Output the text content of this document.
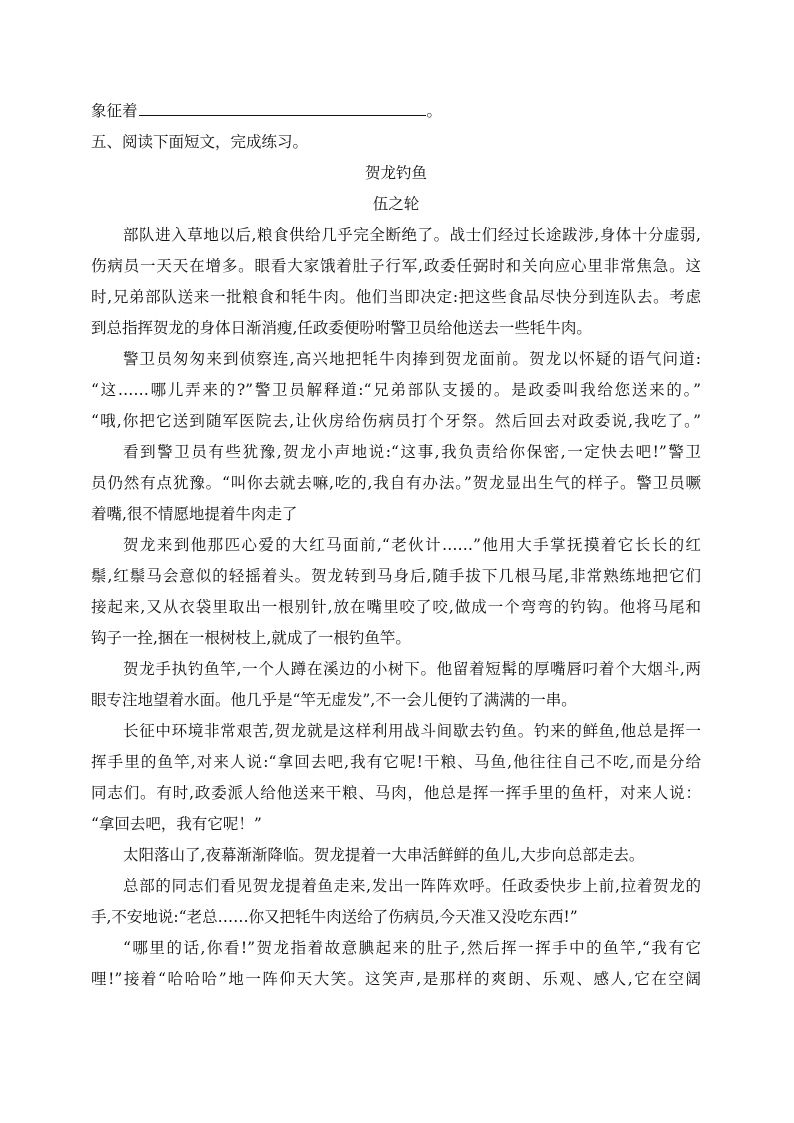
象征着	。
五、阅读下面短文，完成练习。
贺龙钓鱼
伍之轮
部队进入草地以后,粮食供给几乎完全断绝了。战士们经过长途跋涉,身体十分虚弱,
伤病员一天天在增多。眼看大家饿着肚子行军,政委任弼时和关向应心里非常焦急。这
时,兄弟部队送来一批粮食和牦牛肉。他们当即决定:把这些食品尽快分到连队去。考虑
到总指挥贺龙的身体日渐消瘦,任政委便吩咐警卫员给他送去一些牦牛肉。
警卫员匆匆来到侦察连,高兴地把牦牛肉捧到贺龙面前。贺龙以怀疑的语气问道:
“这……哪儿弄来的?”警卫员解释道:“兄弟部队支援的。是政委叫我给您送来的。”
“哦,你把它送到随军医院去,让伙房给伤病员打个牙祭。然后回去对政委说,我吃了。”
看到警卫员有些犹豫,贺龙小声地说:“这事,我负责给你保密,一定快去吧!”警卫
员仍然有点犹豫。“叫你去就去嘛,吃的,我自有办法。”贺龙显出生气的样子。警卫员噘
着嘴,很不情愿地提着牛肉走了
贺龙来到他那匹心爱的大红马面前,“老伙计……”他用大手掌抚摸着它长长的红
鬃,红鬃马会意似的轻摇着头。贺龙转到马身后,随手拔下几根马尾,非常熟练地把它们
接起来,又从衣袋里取出一根别针,放在嘴里咬了咬,做成一个弯弯的钓钩。他将马尾和
钩子一拴,捆在一根树枝上,就成了一根钓鱼竿。
贺龙手执钓鱼竿,一个人蹲在溪边的小树下。他留着短髯的厚嘴唇叼着个大烟斗,两
眼专注地望着水面。他几乎是“竿无虚发”,不一会儿便钓了满满的一串。
长征中环境非常艰苦,贺龙就是这样利用战斗间歇去钓鱼。钓来的鲜鱼,他总是挥一
挥手里的鱼竿,对来人说:“拿回去吧,我有它呢!干粮、马鱼,他往往自己不吃,而是分给
同志们。有时,政委派人给他送来干粮、马肉，他总是挥一挥手里的鱼杆，对来人说：
“拿回去吧，我有它呢！”
太阳落山了,夜幕渐渐降临。贺龙提着一大串活鲜鲜的鱼儿,大步向总部走去。
总部的同志们看见贺龙提着鱼走来,发出一阵阵欢呼。任政委快步上前,拉着贺龙的
手,不安地说:“老总……你又把牦牛肉送给了伤病员,今天准又没吃东西!”
“哪里的话,你看!”贺龙指着故意腆起来的肚子,然后挥一挥手中的鱼竿,“我有它
哩!”接着“哈哈哈”地一阵仰天大笑。这笑声,是那样的爽朗、乐观、感人,它在空阔
